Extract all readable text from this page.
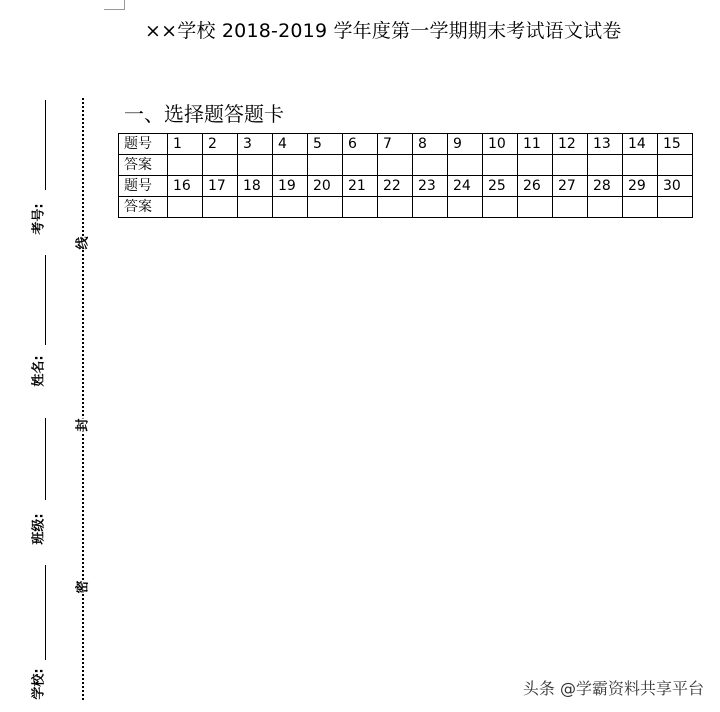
××学校 2018-2019 学年度第一学期期末考试语文试卷
一、选择题答题卡
题号	1	2	3	4	5	6	7	8	9	10	11	12	13	14	15
答案															
题号	16	17	18	19	20	21	22	23	24	25	26	27	28	29	30
答案															
考号:
姓名:
班级:
学校:
线
封
密
头条 @学霸资料共享平台
